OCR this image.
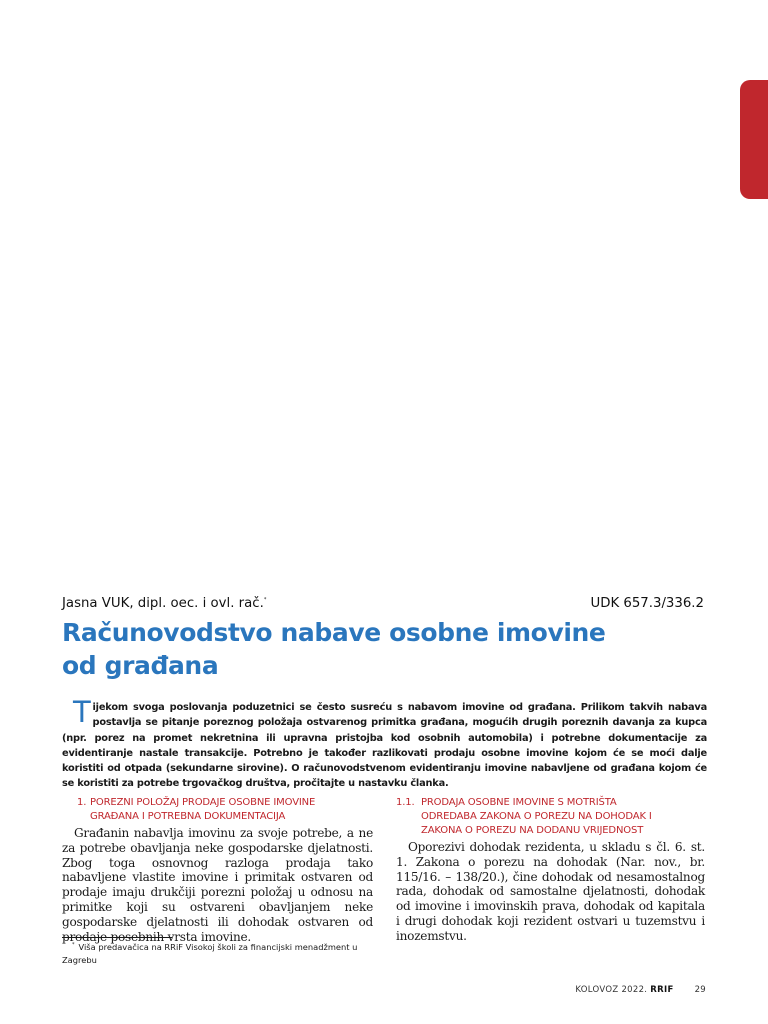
Jasna VUK, dipl. oec. i ovl. rač.*	UDK 657.3/336.2
Računovodstvo nabave osobne imovine
od građana

Tijekom svoga poslovanja poduzetnici se često susreću s nabavom imovine od građana. Prilikom takvih nabava postavlja se pitanje poreznog položaja ostvarenog primitka građana, mogućih drugih poreznih davanja za kupca (npr. porez na promet nekretnina ili upravna pristojba kod osobnih automobila) i potrebne dokumentacije za evidentiranje nastale transakcije. Potrebno je također razlikovati prodaju osobne imovine kojom će se moći dalje koristiti od otpada (sekundarne sirovine). O računovodstvenom evidentiranju imovine nabavljene od građana kojom će se koristiti za potrebe trgovačkog društva, pročitajte u nastavku članka.

1. POREZNI POLOŽAJ PRODAJE OSOBNE IMOVINE
GRAĐANA I POTREBNA DOKUMENTACIJA

Građanin nabavlja imovinu za svoje potrebe, a ne za potrebe obavljanja neke gospodarske djelatnosti. Zbog toga osnovnog razloga prodaja tako nabavljene vlastite imovine i primitak ostvaren od prodaje imaju drukčiji porezni položaj u odnosu na primitke koji su ostvareni obavljanjem neke gospodarske djelatnosti ili dohodak ostvaren od prodaje posebnih vrsta imovine.

1.1. PRODAJA OSOBNE IMOVINE S MOTRIŠTA
ODREDABA ZAKONA O POREZU NA DOHODAK I
ZAKONA O POREZU NA DODANU VRIJEDNOST

Oporezivi dohodak rezidenta, u skladu s čl. 6. st. 1. Zakona o porezu na dohodak (Nar. nov., br. 115/16. – 138/20.), čine dohodak od nesamostalnog rada, dohodak od samostalne djelatnosti, dohodak od imovine i imovinskih prava, dohodak od kapitala i drugi dohodak koji rezident ostvari u tuzemstvu i inozemstvu.

* Viša predavačica na RRiF Visokoj školi za financijski menadžment u Zagrebu
KOLOVOZ 2022. RRIF 29
